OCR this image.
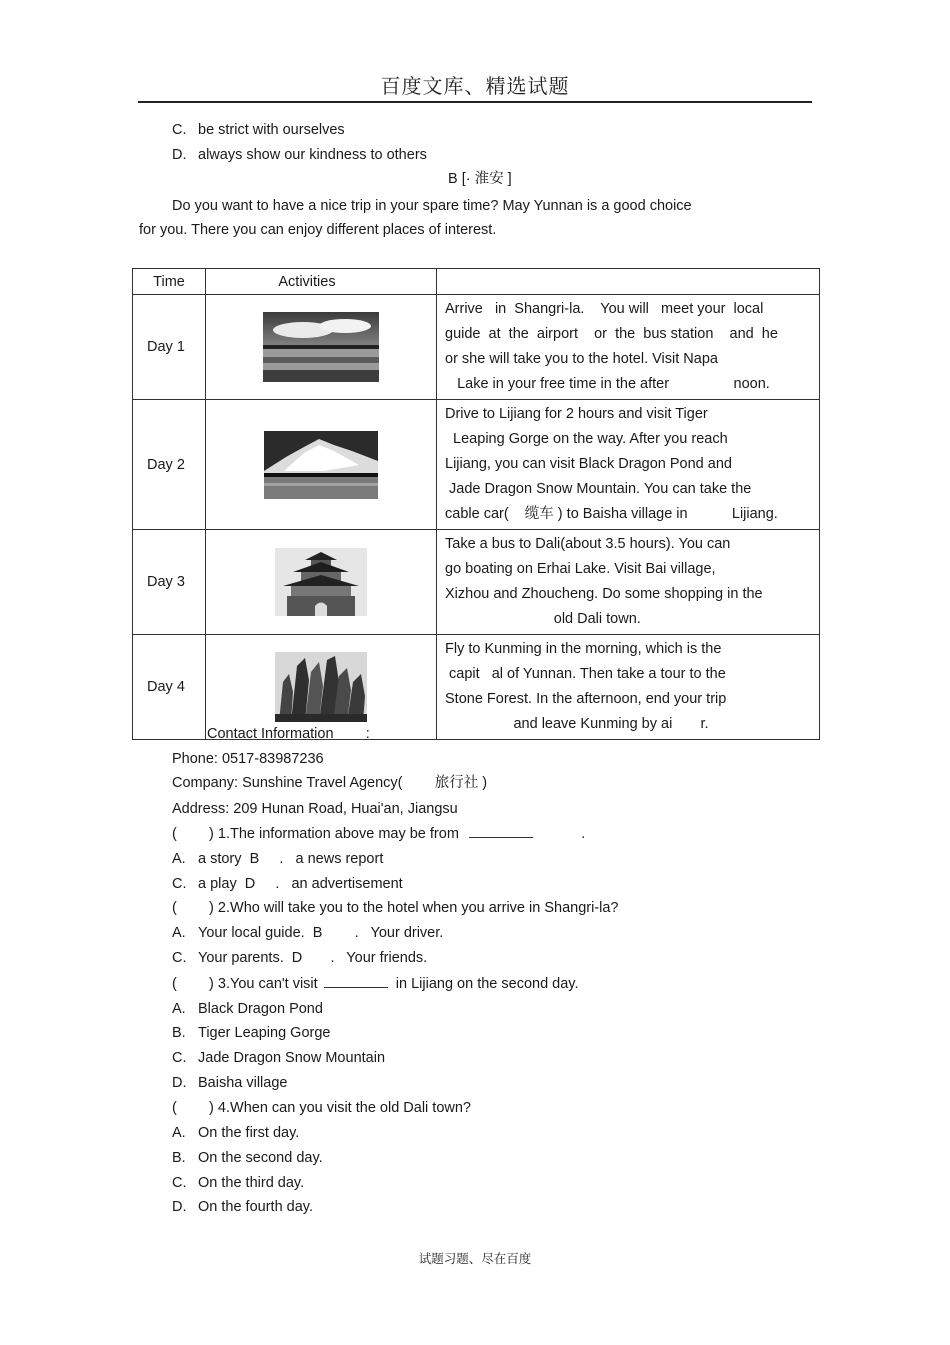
百度文库、精选试题
C. be strict with ourselves
D. always show our kindness to others
B [· 淮安 ]
Do you want to have a nice trip in your spare time? May Yunnan is a good choice
for you. There you can enjoy different places of interest.
Time	Activities	
Day 1		Arrive   in  Shangri-la.    You will   meet your  local
guide  at  the  airport    or  the  bus station    and  he
or she will take you to the hotel. Visit Napa
Lake in your free time in the after                noon.

Day 2		Drive to Lijiang for 2 hours and visit Tiger
Leaping Gorge on the way. After you reach
Lijiang, you can visit Black Dragon Pond and
Jade Dragon Snow Mountain. You can take the
cable car(    缆车 ) to Baisha village in           Lijiang.

Day 3		Take a bus to Dali(about 3.5 hours). You can
go boating on Erhai Lake. Visit Bai village,
Xizhou and Zhoucheng. Do some shopping in the
old Dali town.

Day 4		Fly to Kunming in the morning, which is the
capit   al of Yunnan. Then take a tour to the
Stone Forest. In the afternoon, end your trip
and leave Kunming by ai       r.
Contact Information        :
Phone: 0517-83987236
Company: Sunshine Travel Agency(        旅行社 )
Address: 209 Hunan Road, Huai'an, Jiangsu
(        ) 1.The information above may be from	.
A. a story  B     .   a news report
C. a play  D     .   an advertisement
(        ) 2.Who will take you to the hotel when you arrive in Shangri-la?
A. Your local guide.  B        .   Your driver.
C. Your parents.  D       .   Your friends.
(        ) 3.You can't visit	in Lijiang on the second day.
A. Black Dragon Pond
B. Tiger Leaping Gorge
C. Jade Dragon Snow Mountain
D. Baisha village
(        ) 4.When can you visit the old Dali town?
A. On the first day.
B. On the second day.
C. On the third day.
D. On the fourth day.
试题习题、尽在百度
